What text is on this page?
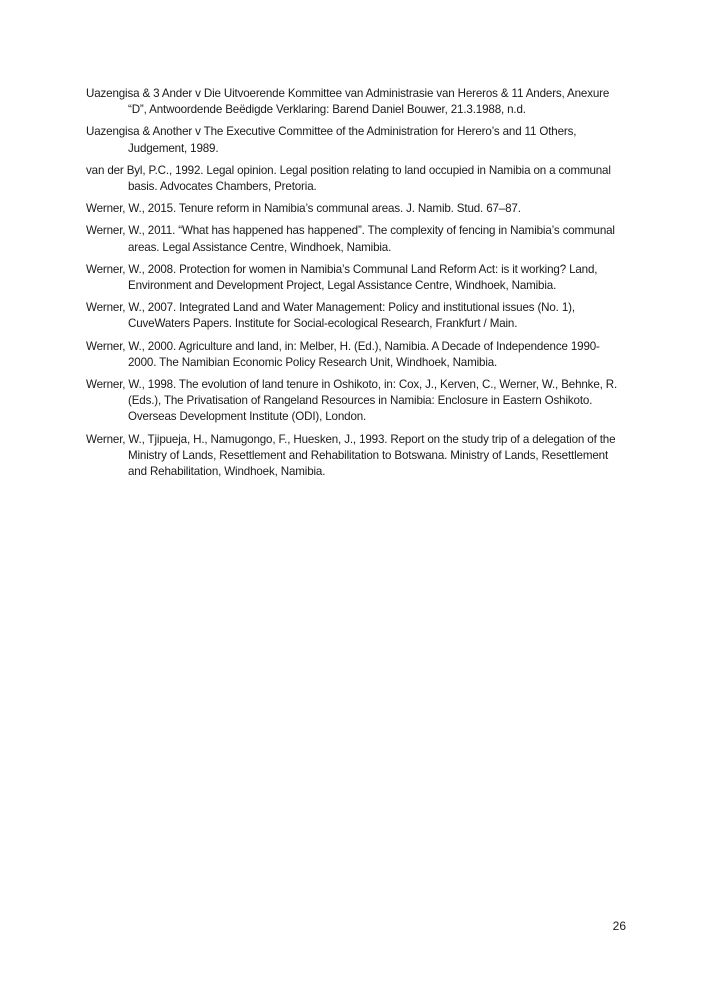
Uazengisa & 3 Ander v Die Uitvoerende Kommittee van Administrasie van Hereros & 11 Anders, Anexure “D”, Antwoordende Beëdigde Verklaring: Barend Daniel Bouwer, 21.3.1988, n.d.
Uazengisa & Another v The Executive Committee of the Administration for Herero’s and 11 Others, Judgement, 1989.
van der Byl, P.C., 1992. Legal opinion. Legal position relating to land occupied in Namibia on a communal basis. Advocates Chambers, Pretoria.
Werner, W., 2015. Tenure reform in Namibia’s communal areas. J. Namib. Stud. 67–87.
Werner, W., 2011. “What has happened has happened”. The complexity of fencing in Namibia’s communal areas. Legal Assistance Centre, Windhoek, Namibia.
Werner, W., 2008. Protection for women in Namibia’s Communal Land Reform Act: is it working? Land, Environment and Development Project, Legal Assistance Centre, Windhoek, Namibia.
Werner, W., 2007. Integrated Land and Water Management: Policy and institutional issues (No. 1), CuveWaters Papers. Institute for Social-ecological Research, Frankfurt / Main.
Werner, W., 2000. Agriculture and land, in: Melber, H. (Ed.), Namibia. A Decade of Independence 1990-2000. The Namibian Economic Policy Research Unit, Windhoek, Namibia.
Werner, W., 1998. The evolution of land tenure in Oshikoto, in: Cox, J., Kerven, C., Werner, W., Behnke, R. (Eds.), The Privatisation of Rangeland Resources in Namibia: Enclosure in Eastern Oshikoto. Overseas Development Institute (ODI), London.
Werner, W., Tjipueja, H., Namugongo, F., Huesken, J., 1993. Report on the study trip of a delegation of the Ministry of Lands, Resettlement and Rehabilitation to Botswana. Ministry of Lands, Resettlement and Rehabilitation, Windhoek, Namibia.

26
